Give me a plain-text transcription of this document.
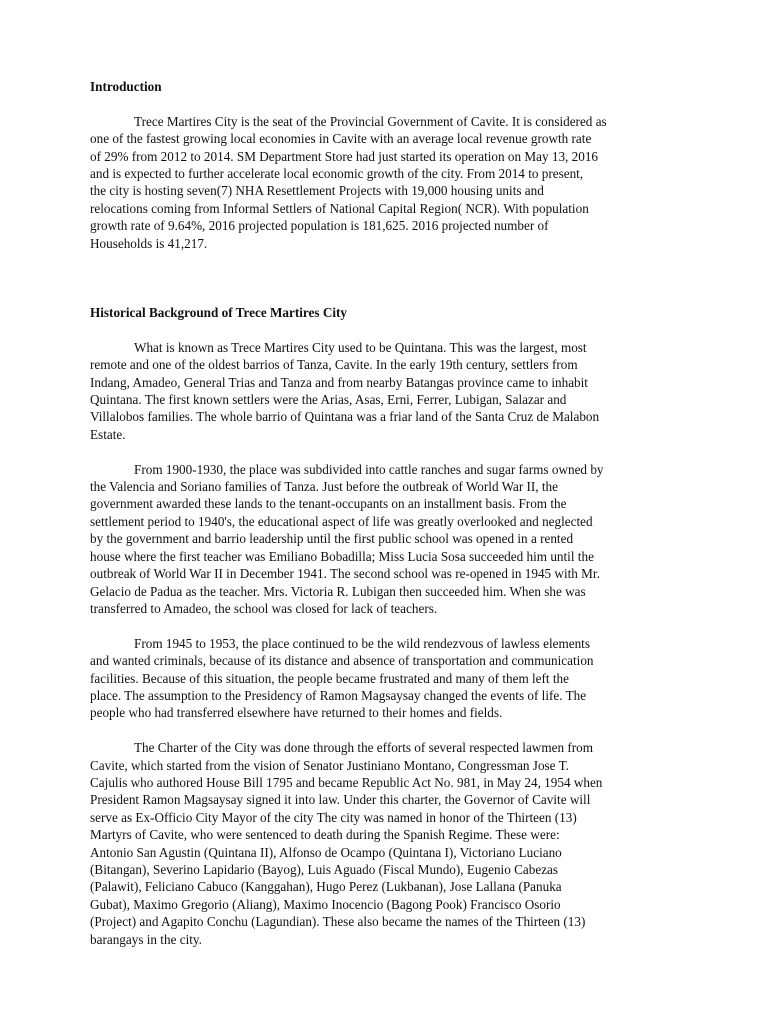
Introduction

Trece Martires City is the seat of the Provincial Government of Cavite. It is considered as
one of the fastest growing local economies in Cavite with an average local revenue growth rate
of 29% from 2012 to 2014. SM Department Store had just started its operation on May 13, 2016
and is expected to further accelerate local economic growth of the city. From 2014 to present,
the city is hosting seven(7) NHA Resettlement Projects with 19,000 housing units and
relocations coming from Informal Settlers of National Capital Region( NCR). With population
growth rate of 9.64%, 2016 projected population is 181,625. 2016 projected number of
Households is 41,217.

Historical Background of Trece Martires City

What is known as Trece Martires City used to be Quintana. This was the largest, most
remote and one of the oldest barrios of Tanza, Cavite. In the early 19th century, settlers from
Indang, Amadeo, General Trias and Tanza and from nearby Batangas province came to inhabit
Quintana. The first known settlers were the Arias, Asas, Erni, Ferrer, Lubigan, Salazar and
Villalobos families. The whole barrio of Quintana was a friar land of the Santa Cruz de Malabon
Estate.

From 1900-1930, the place was subdivided into cattle ranches and sugar farms owned by
the Valencia and Soriano families of Tanza. Just before the outbreak of World War II, the
government awarded these lands to the tenant-occupants on an installment basis. From the
settlement period to 1940's, the educational aspect of life was greatly overlooked and neglected
by the government and barrio leadership until the first public school was opened in a rented
house where the first teacher was Emiliano Bobadilla; Miss Lucia Sosa succeeded him until the
outbreak of World War II in December 1941. The second school was re-opened in 1945 with Mr.
Gelacio de Padua as the teacher. Mrs. Victoria R. Lubigan then succeeded him. When she was
transferred to Amadeo, the school was closed for lack of teachers.

From 1945 to 1953, the place continued to be the wild rendezvous of lawless elements
and wanted criminals, because of its distance and absence of transportation and communication
facilities. Because of this situation, the people became frustrated and many of them left the
place. The assumption to the Presidency of Ramon Magsaysay changed the events of life. The
people who had transferred elsewhere have returned to their homes and fields.

The Charter of the City was done through the efforts of several respected lawmen from
Cavite, which started from the vision of Senator Justiniano Montano, Congressman Jose T.
Cajulis who authored House Bill 1795 and became Republic Act No. 981, in May 24, 1954 when
President Ramon Magsaysay signed it into law. Under this charter, the Governor of Cavite will
serve as Ex-Officio City Mayor of the city The city was named in honor of the Thirteen (13)
Martyrs of Cavite, who were sentenced to death during the Spanish Regime. These were:
Antonio San Agustin (Quintana II), Alfonso de Ocampo (Quintana I), Victoriano Luciano
(Bitangan), Severino Lapidario (Bayog), Luis Aguado (Fiscal Mundo), Eugenio Cabezas
(Palawit), Feliciano Cabuco (Kanggahan), Hugo Perez (Lukbanan), Jose Lallana (Panuka
Gubat), Maximo Gregorio (Aliang), Maximo Inocencio (Bagong Pook) Francisco Osorio
(Project) and Agapito Conchu (Lagundian). These also became the names of the Thirteen (13)
barangays in the city.
